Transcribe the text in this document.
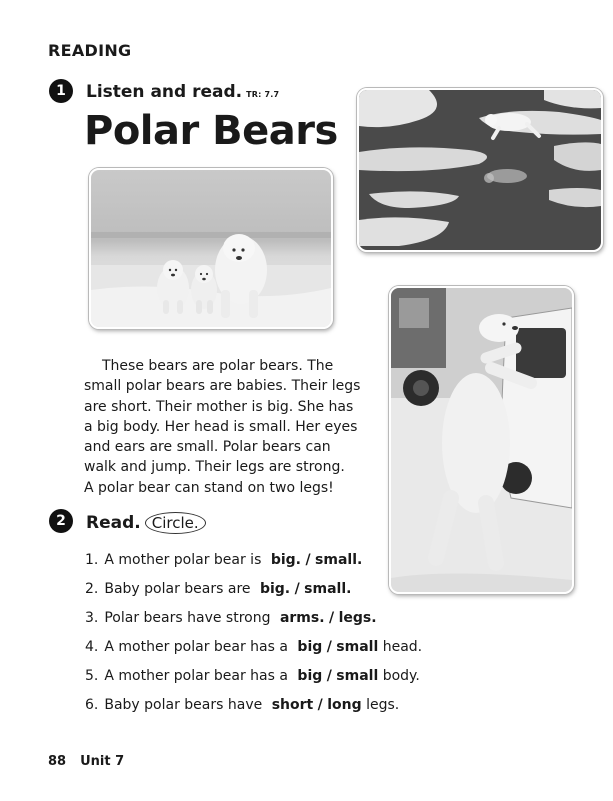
READING
1	Listen and read. TR: 7.7
Polar Bears
These bears are polar bears. The
small polar bears are babies. Their legs
are short. Their mother is big. She has
a big body. Her head is small. Her eyes
and ears are small. Polar bears can
walk and jump. Their legs are strong.
A polar bear can stand on two legs!
2	Read. Circle.
1. A mother polar bear is big. / small.
2. Baby polar bears are big. / small.
3. Polar bears have strong arms. / legs.
4. A mother polar bear has a big / small head.
5. A mother polar bear has a big / small body.
6. Baby polar bears have short / long legs.
88 Unit 7
